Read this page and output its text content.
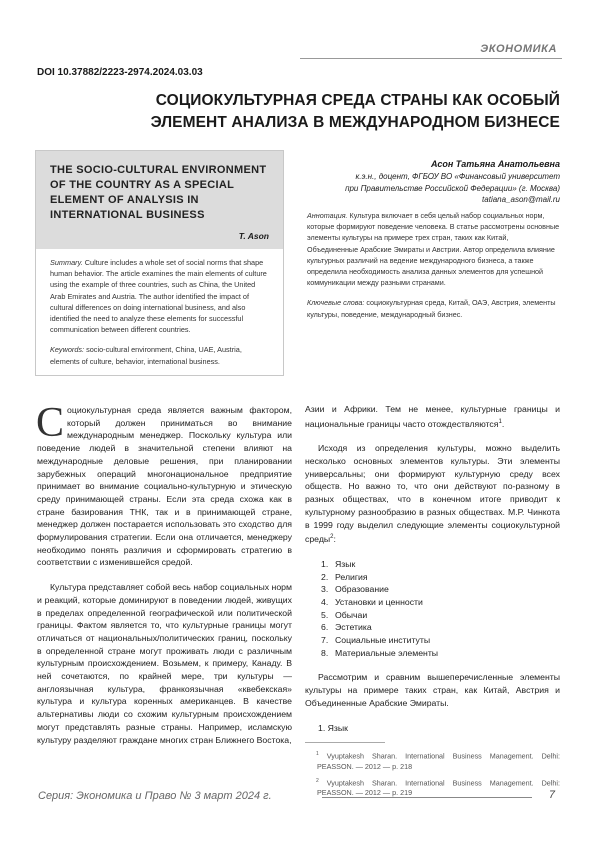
ЭКОНОМИКА
DOI 10.37882/2223-2974.2024.03.03
СОЦИОКУЛЬТУРНАЯ СРЕДА СТРАНЫ КАК ОСОБЫЙ
ЭЛЕМЕНТ АНАЛИЗА В МЕЖДУНАРОДНОМ БИЗНЕСЕ
THE SOCIO-CULTURAL ENVIRONMENT OF THE COUNTRY AS A SPECIAL ELEMENT OF ANALYSIS IN INTERNATIONAL BUSINESS
T. Ason

Summary. Culture includes a whole set of social norms that shape human behavior. The article examines the main elements of culture using the example of three countries, such as China, the United Arab Emirates and Austria. The author identified the impact of cultural differences on doing international business, and also identified the need to analyze these elements for successful communication between different countries.

Keywords: socio-cultural environment, China, UAE, Austria, elements of culture, behavior, international business.

Асон Татьяна Анатольевна
к.э.н., доцент, ФГБОУ ВО «Финансовый университет
при Правительстве Российской Федерации» (г. Москва)
tatiana_ason@mail.ru

Аннотация. Культура включает в себя целый набор социальных норм, которые формируют поведение человека. В статье рассмотрены основные элементы культуры на примере трех стран, таких как Китай, Объединенные Арабские Эмираты и Австрии. Автор определила влияние культурных различий на ведение международного бизнеса, а также определила необходимость анализа данных элементов для успешной коммуникации между разными странами.

Ключевые слова: социокультурная среда, Китай, ОАЭ, Австрия, элементы культуры, поведение, международный бизнес.

Социокультурная среда является важным фактором, который должен приниматься во внимание международным менеджер. Поскольку культура или поведение людей в значительной степени влияют на международные деловые решения, при планировании зарубежных операций многонациональное предприятие принимает во внимание социально-культурную и этическую среду принимающей страны. Если эта среда схожа как в стране базирования ТНК, так и в принимающей стране, менеджер должен постарается использовать это сходство для формулирования стратегии. Если она отличается, менеджеру необходимо понять различия и сформировать стратегию в соответствии с изменившейся средой.

Культура представляет собой весь набор социальных норм и реакций, которые доминируют в поведении людей, живущих в пределах определенной географической или политической границы. Фактом является то, что культурные границы могут отличаться от национальных/политических границ, поскольку в определенной стране могут проживать люди с различным культурным происхождением. Возьмем, к примеру, Канаду. В ней сочетаются, по крайней мере, три культуры — англоязычная культура, франкоязычная «квебекская» культура и культура коренных американцев. В качестве альтернативы люди со схожим культурным происхождением могут представлять разные страны. Например, исламскую культуру разделяют граждане многих стран Ближнего Востока,

Азии и Африки. Тем не менее, культурные границы и национальные границы часто отождествляются$^1$.

Исходя из определения культуры, можно выделить несколько основных элементов культуры. Эти элементы универсальны; они формируют культурную среду всех обществ. Но важно то, что они действуют по-разному в разных обществах, что в конечном итоге приводит к культурному разнообразию в разных обществах. М.Р. Чинкота в 1999 году выделил следующие элементы социокультурной среды$^2$:

1. Язык
2. Религия
3. Образование
4. Установки и ценности
5. Обычаи
6. Эстетика
7. Социальные институты
8. Материальные элементы

Рассмотрим и сравним вышеперечисленные элементы культуры на примере таких стран, как Китай, Австрия и Объединенные Арабские Эмираты.

1. Язык
$^1$ Vyuptakesh Sharan. International Business Management. Delhi: PEASSON. — 2012 — p. 218
$^2$ Vyuptakesh Sharan. International Business Management. Delhi: PEASSON. — 2012 — p. 219
Серия: Экономика и Право № 3 март 2024 г.	7
